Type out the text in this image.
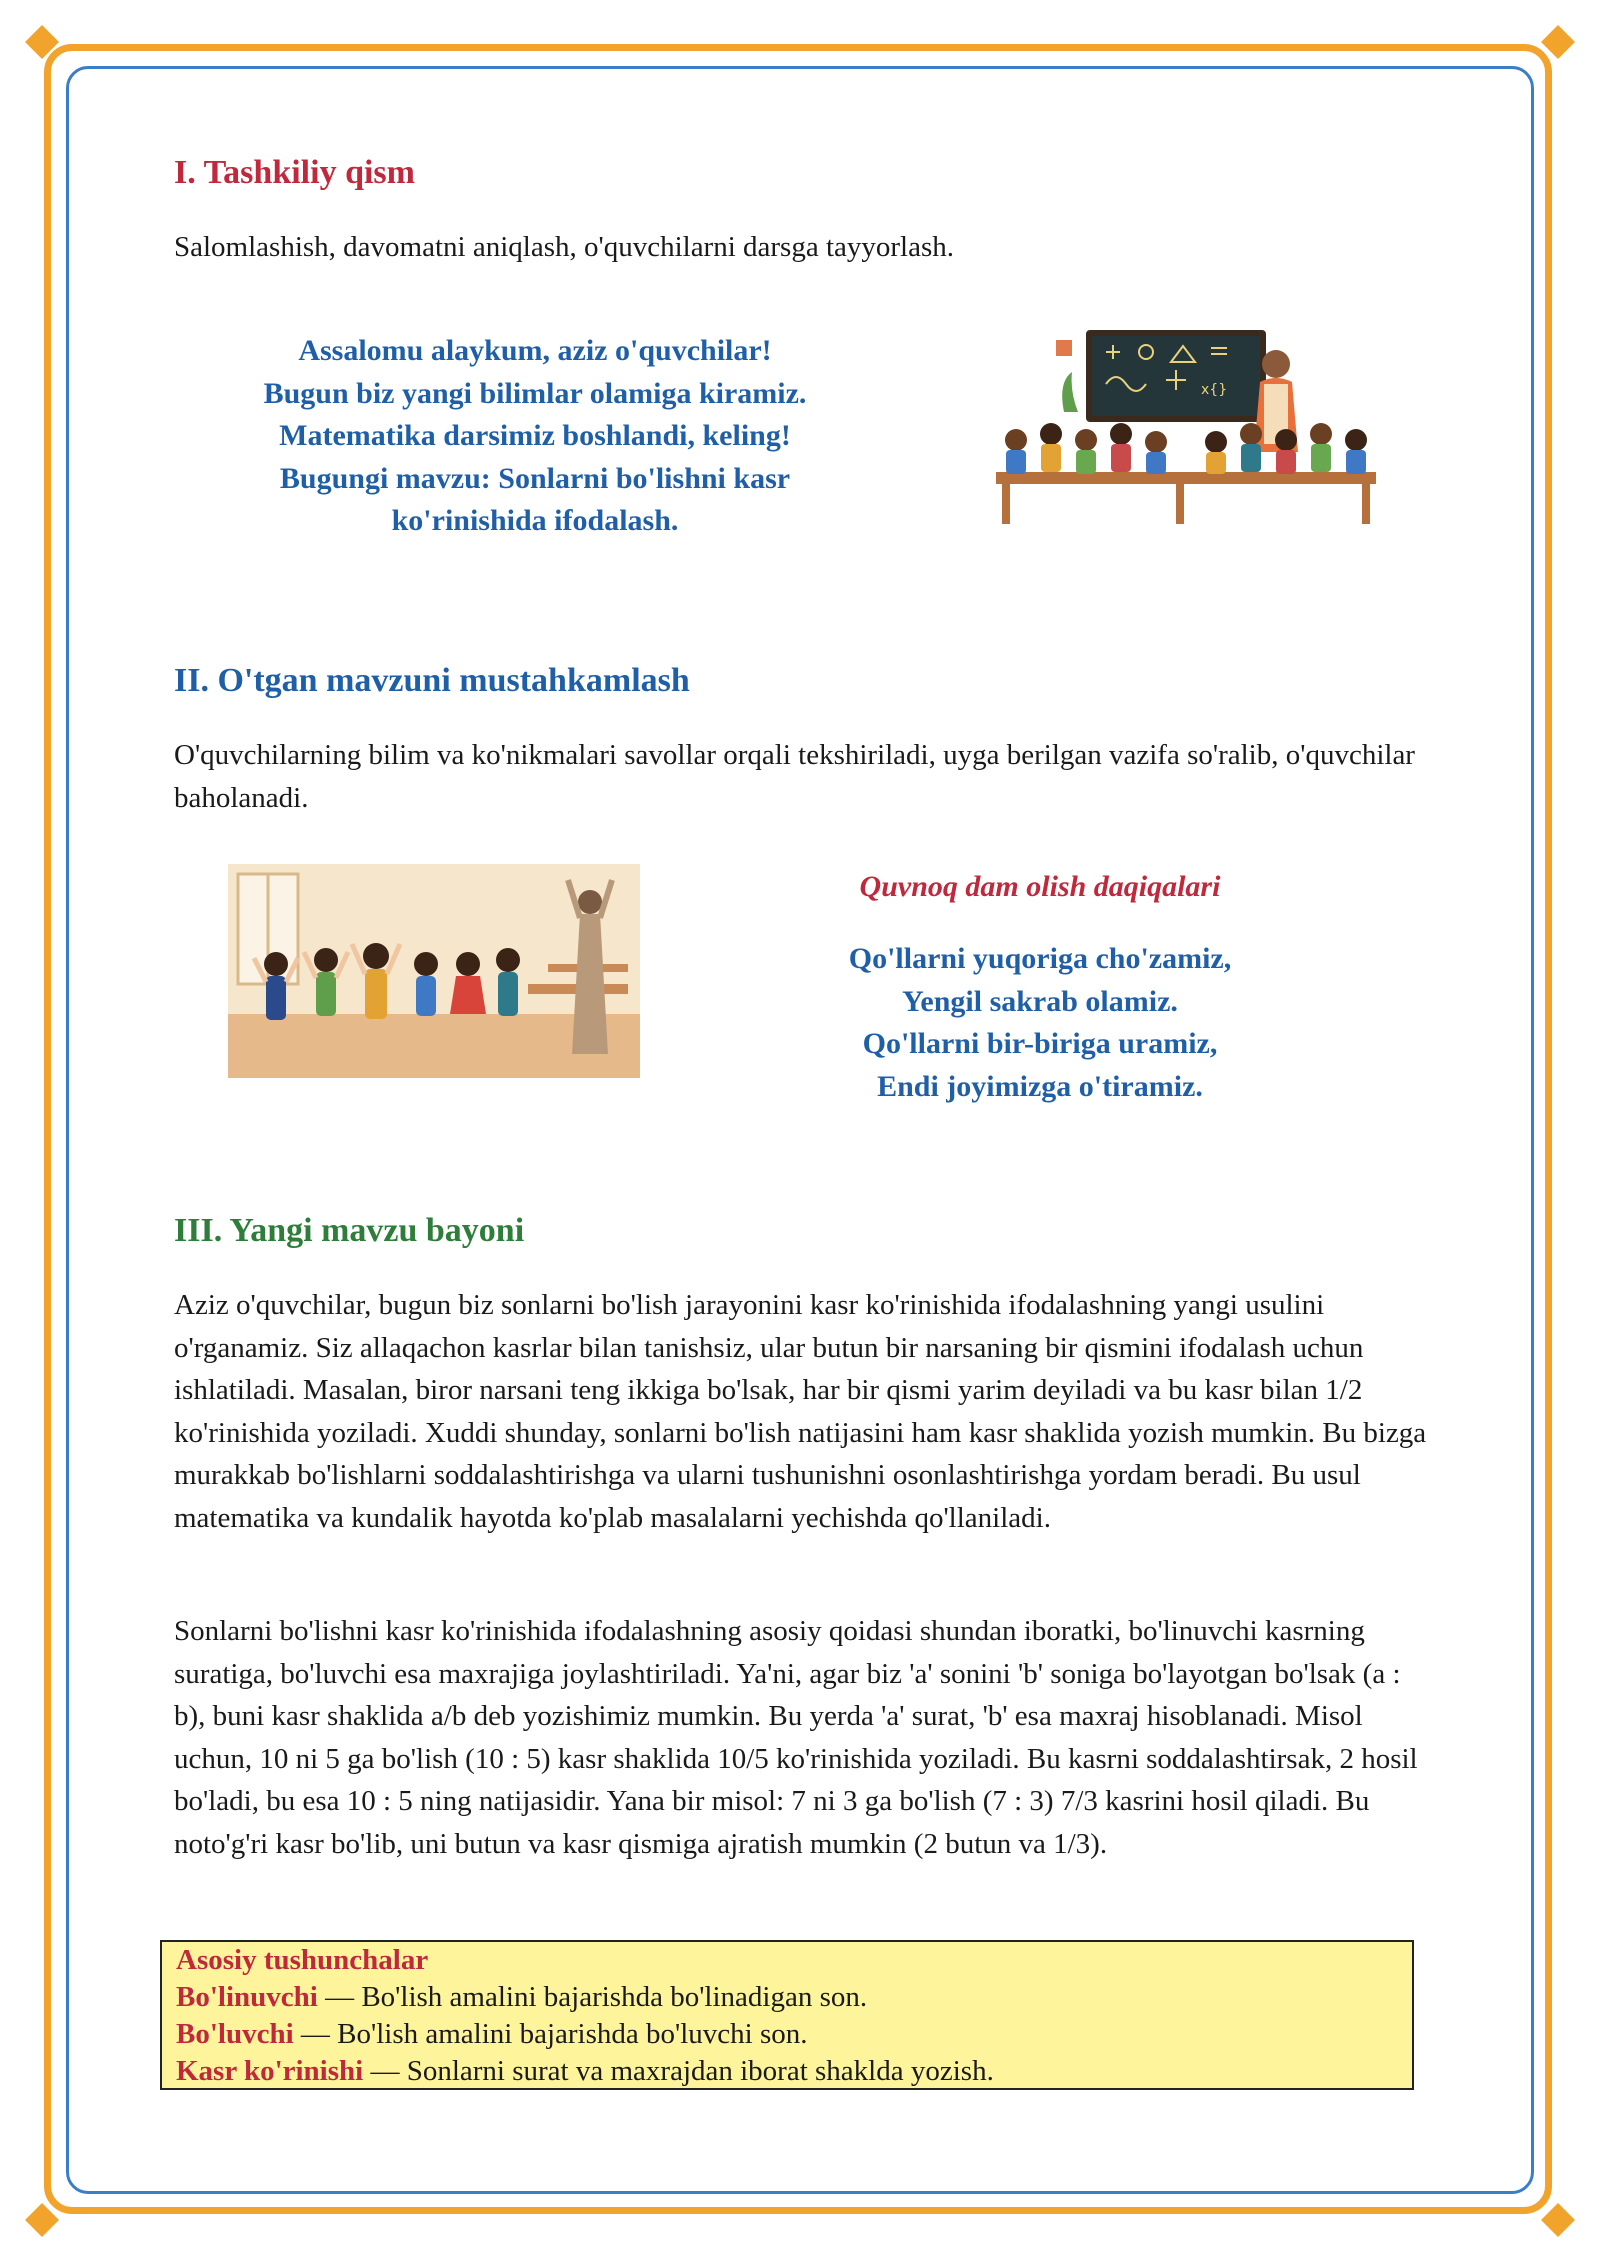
I. Tashkiliy qism

Salomlashish, davomatni aniqlash, o'quvchilarni darsga tayyorlash.

Assalomu alaykum, aziz o'quvchilar!
Bugun biz yangi bilimlar olamiga kiramiz.
Matematika darsimiz boshlandi, keling!
Bugungi mavzu: Sonlarni bo'lishni kasr
ko'rinishida ifodalash.
x{}
II. O'tgan mavzuni mustahkamlash

O'quvchilarning bilim va ko'nikmalari savollar orqali tekshiriladi, uyga berilgan vazifa so'ralib, o'quvchilar baholanadi.

Quvnoq dam olish daqiqalari
Qo'llarni yuqoriga cho'zamiz,
Yengil sakrab olamiz.
Qo'llarni bir-biriga uramiz,
Endi joyimizga o'tiramiz.
III. Yangi mavzu bayoni

Aziz o'quvchilar, bugun biz sonlarni bo'lish jarayonini kasr ko'rinishida ifodalashning yangi usulini o'rganamiz. Siz allaqachon kasrlar bilan tanishsiz, ular butun bir narsaning bir qismini ifodalash uchun ishlatiladi. Masalan, biror narsani teng ikkiga bo'lsak, har bir qismi yarim deyiladi va bu kasr bilan 1/2 ko'rinishida yoziladi. Xuddi shunday, sonlarni bo'lish natijasini ham kasr shaklida yozish mumkin. Bu bizga murakkab bo'lishlarni soddalashtirishga va ularni tushunishni osonlashtirishga yordam beradi. Bu usul matematika va kundalik hayotda ko'plab masalalarni yechishda qo'llaniladi.

Sonlarni bo'lishni kasr ko'rinishida ifodalashning asosiy qoidasi shundan iboratki, bo'linuvchi kasrning suratiga, bo'luvchi esa maxrajiga joylashtiriladi. Ya'ni, agar biz 'a' sonini 'b' soniga bo'layotgan bo'lsak (a : b), buni kasr shaklida a/b deb yozishimiz mumkin. Bu yerda 'a' surat, 'b' esa maxraj hisoblanadi. Misol uchun, 10 ni 5 ga bo'lish (10 : 5) kasr shaklida 10/5 ko'rinishida yoziladi. Bu kasrni soddalashtirsak, 2 hosil bo'ladi, bu esa 10 : 5 ning natijasidir. Yana bir misol: 7 ni 3 ga bo'lish (7 : 3) 7/3 kasrini hosil qiladi. Bu noto'g'ri kasr bo'lib, uni butun va kasr qismiga ajratish mumkin (2 butun va 1/3).

Asosiy tushunchalar
Bo'linuvchi — Bo'lish amalini bajarishda bo'linadigan son.
Bo'luvchi — Bo'lish amalini bajarishda bo'luvchi son.
Kasr ko'rinishi — Sonlarni surat va maxrajdan iborat shaklda yozish.
